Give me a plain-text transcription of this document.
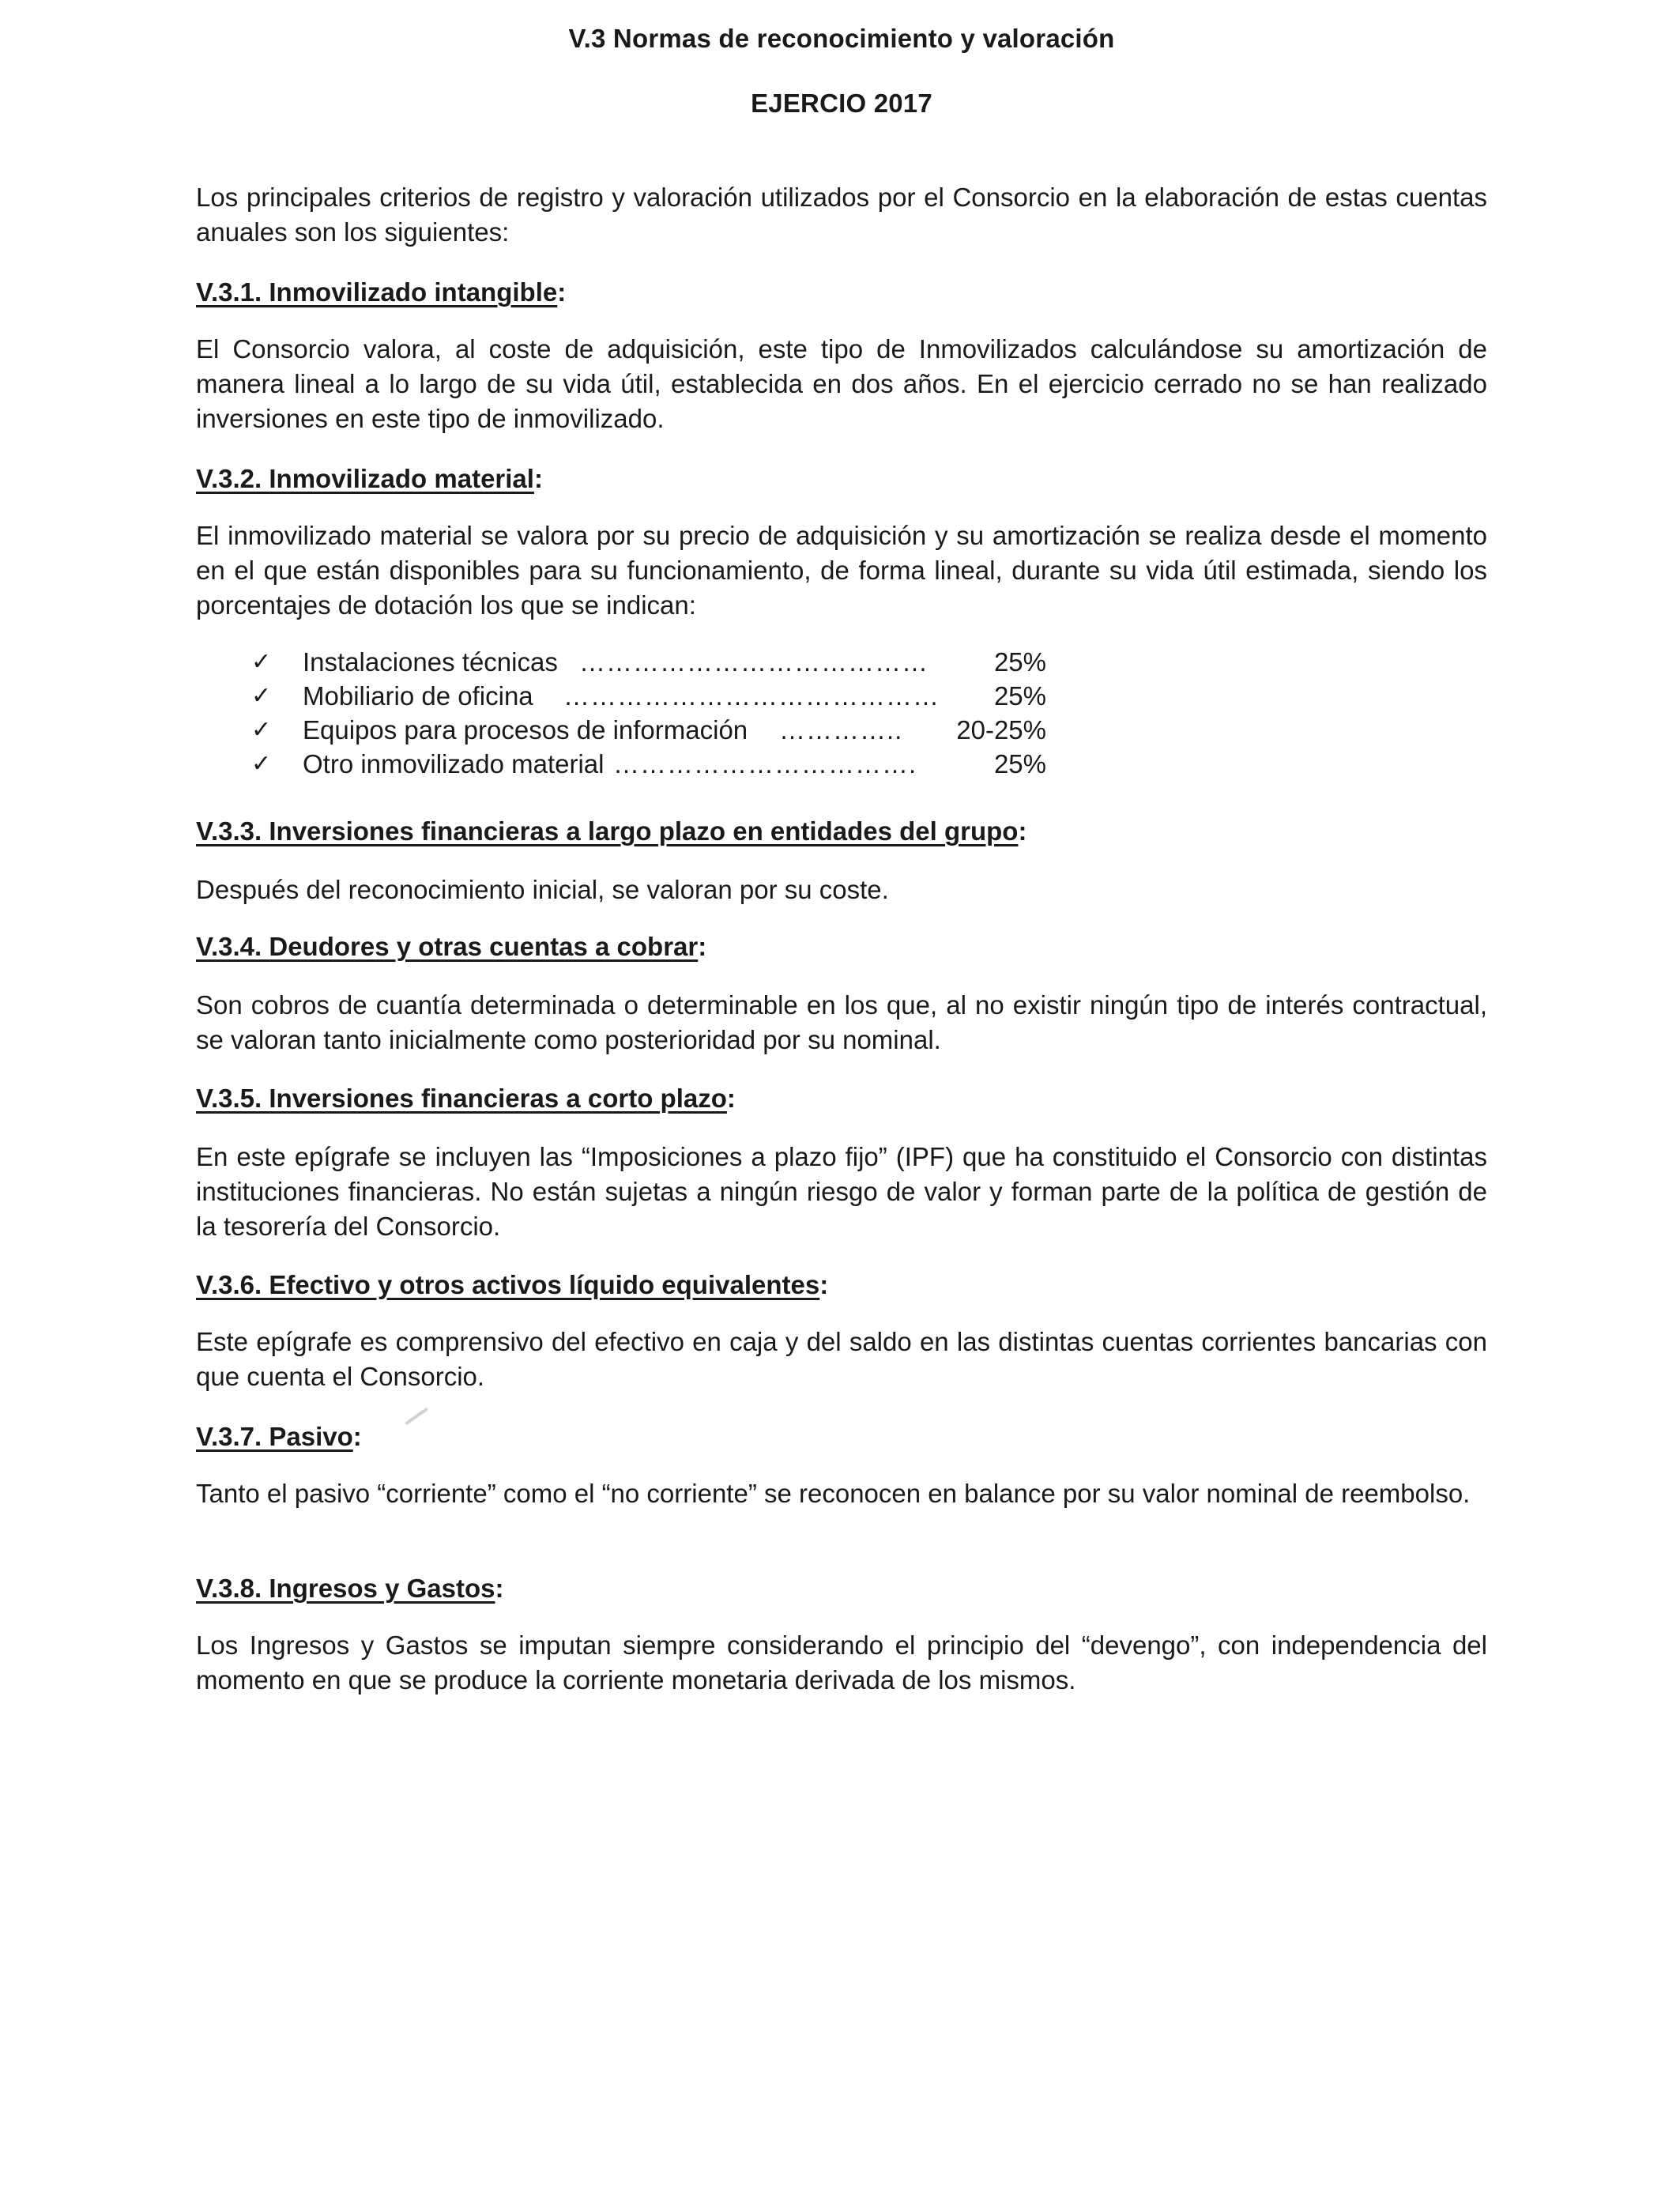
V.3 Normas de reconocimiento y valoración
EJERCIO 2017

Los principales criterios de registro y valoración utilizados por el Consorcio en la elaboración de estas cuentas anuales son los siguientes:

V.3.1. Inmovilizado intangible:

El Consorcio valora, al coste de adquisición, este tipo de Inmovilizados calculándose su amortización de manera lineal a lo largo de su vida útil, establecida en dos años. En el ejercicio cerrado no se han realizado inversiones en este tipo de inmovilizado.

V.3.2. Inmovilizado material:

El inmovilizado material se valora por su precio de adquisición y su amortización se realiza desde el momento en el que están disponibles para su funcionamiento, de forma lineal, durante su vida útil estimada, siendo los porcentajes de dotación los que se indican:

✓ Instalaciones técnicas …………………………………	25%
✓ Mobiliario de oficina ……………………………………	25%
✓ Equipos para procesos de información ………….. 20-25%
✓ Otro inmovilizado material …………………………….	25%
V.3.3. Inversiones financieras a largo plazo en entidades del grupo:

Después del reconocimiento inicial, se valoran por su coste.

V.3.4. Deudores y otras cuentas a cobrar:

Son cobros de cuantía determinada o determinable en los que, al no existir ningún tipo de interés contractual, se valoran tanto inicialmente como posterioridad por su nominal.

V.3.5. Inversiones financieras a corto plazo:

En este epígrafe se incluyen las “Imposiciones a plazo fijo” (IPF) que ha constituido el Consorcio con distintas instituciones financieras. No están sujetas a ningún riesgo de valor y forman parte de la política de gestión de la tesorería del Consorcio.

V.3.6. Efectivo y otros activos líquido equivalentes:

Este epígrafe es comprensivo del efectivo en caja y del saldo en las distintas cuentas corrientes bancarias con que cuenta el Consorcio.

V.3.7. Pasivo:

Tanto el pasivo “corriente” como el “no corriente” se reconocen en balance por su valor nominal de reembolso.

V.3.8. Ingresos y Gastos:

Los Ingresos y Gastos se imputan siempre considerando el principio del “devengo”, con independencia del momento en que se produce la corriente monetaria derivada de los mismos.
